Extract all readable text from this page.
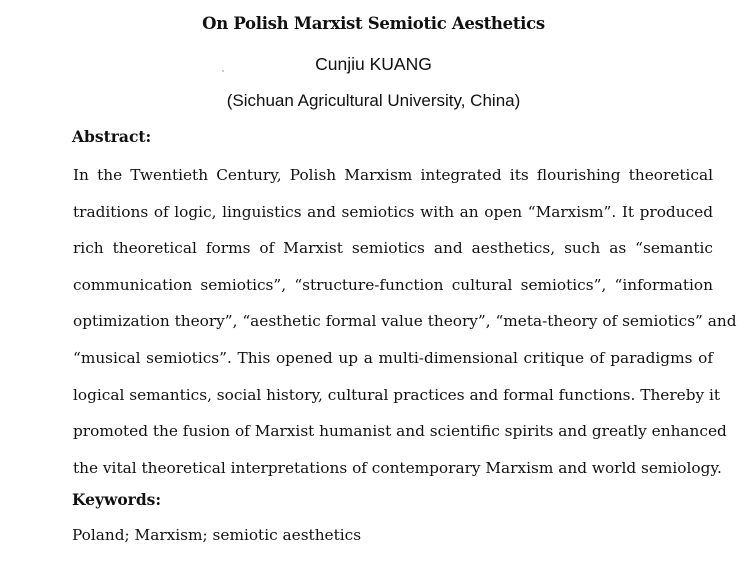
On Polish Marxist Semiotic Aesthetics
Cunjiu KUANG
(Sichuan Agricultural University, China)
Abstract:
In the Twentieth Century, Polish Marxism integrated its flourishing theoretical
traditions of logic, linguistics and semiotics with an open “Marxism”. It produced
rich theoretical forms of Marxist semiotics and aesthetics, such as “semantic
communication semiotics”, “structure-function cultural semiotics”, “information
optimization theory”, “aesthetic formal value theory”, “meta-theory of semiotics” and
“musical semiotics”. This opened up a multi-dimensional critique of paradigms of
logical semantics, social history, cultural practices and formal functions. Thereby it
promoted the fusion of Marxist humanist and scientific spirits and greatly enhanced
the vital theoretical interpretations of contemporary Marxism and world semiology.
Keywords:
Poland; Marxism; semiotic aesthetics
